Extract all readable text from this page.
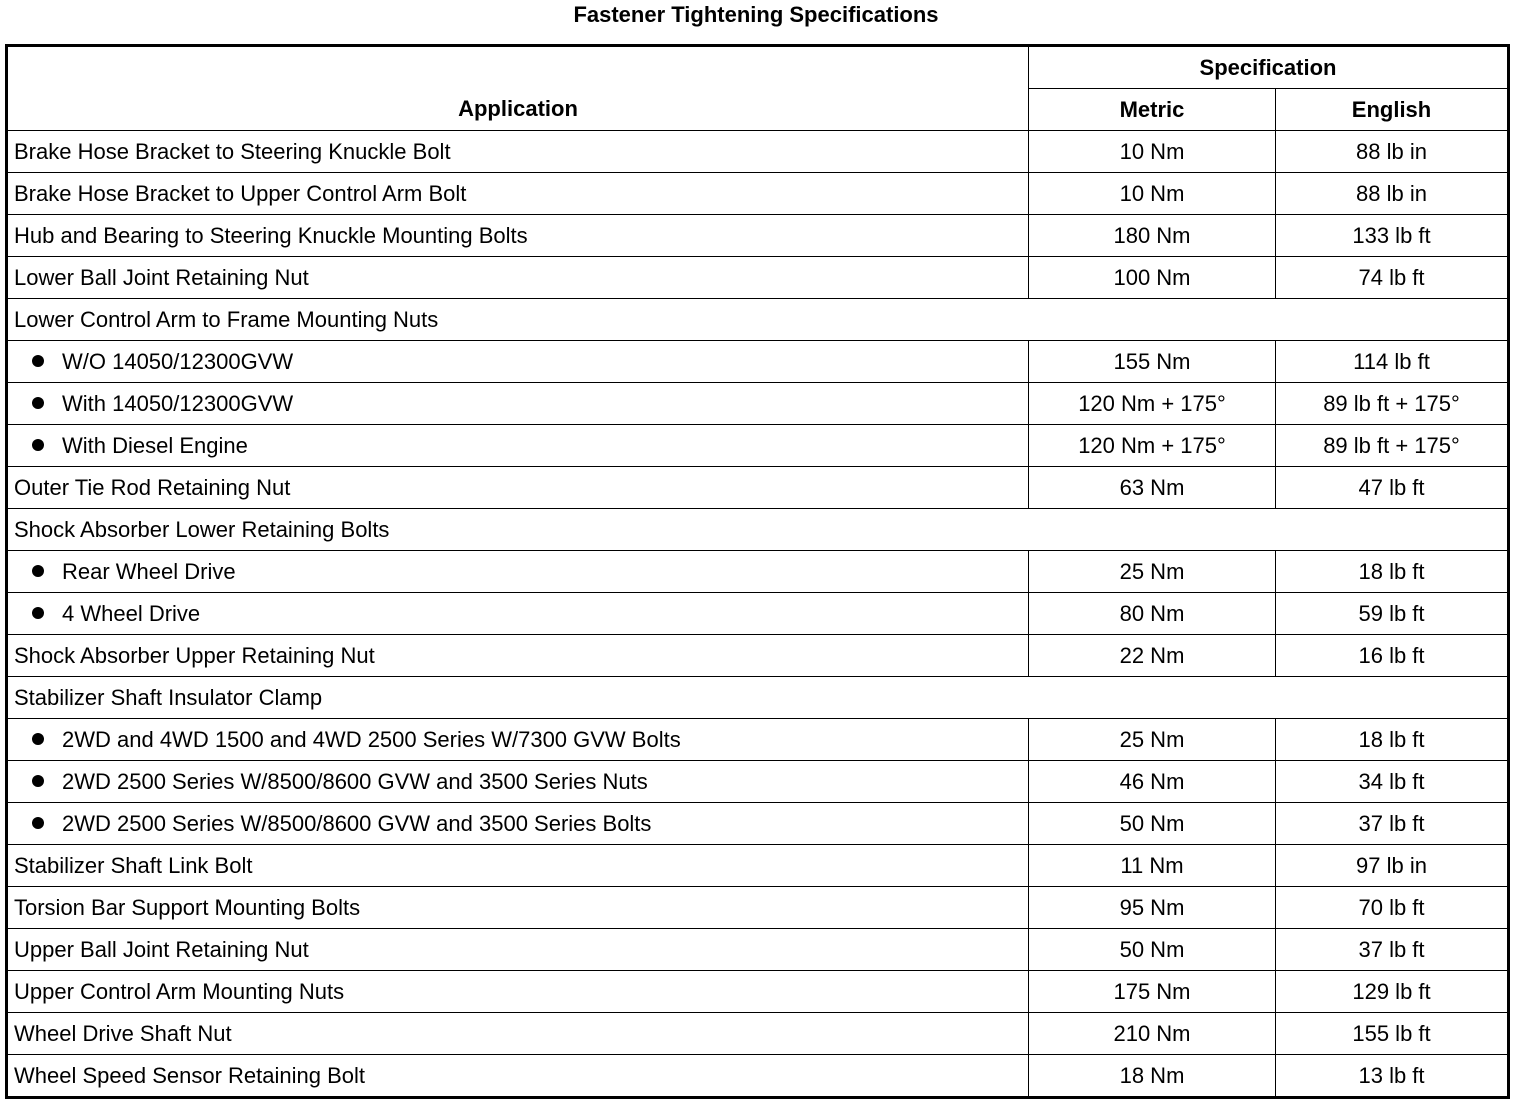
Fastener Tightening Specifications
Application	Specification	
	Metric	English
Brake Hose Bracket to Steering Knuckle Bolt	10 Nm	88 lb in
Brake Hose Bracket to Upper Control Arm Bolt	10 Nm	88 lb in
Hub and Bearing to Steering Knuckle Mounting Bolts	180 Nm	133 lb ft
Lower Ball Joint Retaining Nut	100 Nm	74 lb ft
Lower Control Arm to Frame Mounting Nuts		
W/O 14050/12300GVW	155 Nm	114 lb ft
With 14050/12300GVW	120 Nm + 175°	89 lb ft + 175°
With Diesel Engine	120 Nm + 175°	89 lb ft + 175°
Outer Tie Rod Retaining Nut	63 Nm	47 lb ft
Shock Absorber Lower Retaining Bolts		
Rear Wheel Drive	25 Nm	18 lb ft
4 Wheel Drive	80 Nm	59 lb ft
Shock Absorber Upper Retaining Nut	22 Nm	16 lb ft
Stabilizer Shaft Insulator Clamp		
2WD and 4WD 1500 and 4WD 2500 Series W/7300 GVW Bolts	25 Nm	18 lb ft
2WD 2500 Series W/8500/8600 GVW and 3500 Series Nuts	46 Nm	34 lb ft
2WD 2500 Series W/8500/8600 GVW and 3500 Series Bolts	50 Nm	37 lb ft
Stabilizer Shaft Link Bolt	11 Nm	97 lb in
Torsion Bar Support Mounting Bolts	95 Nm	70 lb ft
Upper Ball Joint Retaining Nut	50 Nm	37 lb ft
Upper Control Arm Mounting Nuts	175 Nm	129 lb ft
Wheel Drive Shaft Nut	210 Nm	155 lb ft
Wheel Speed Sensor Retaining Bolt	18 Nm	13 lb ft
